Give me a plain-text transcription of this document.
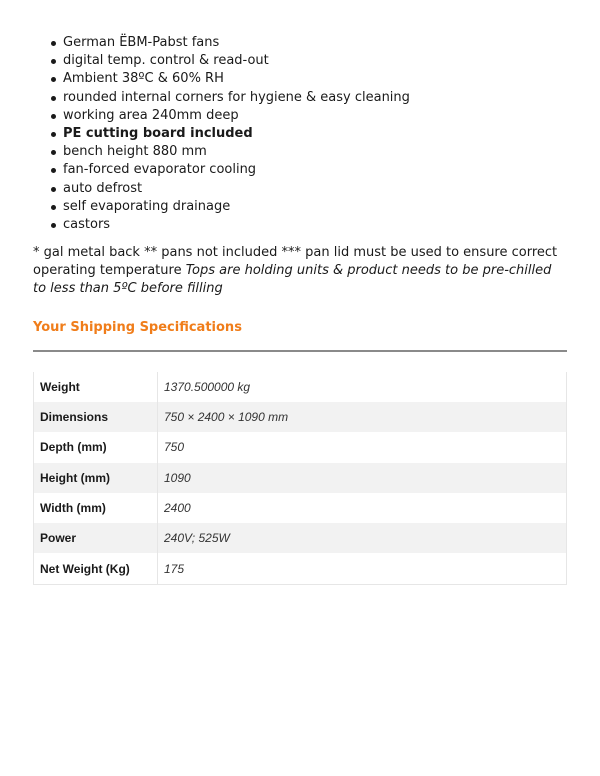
German ËBM-Pabst fans
digital temp. control & read-out
Ambient 38ºC & 60% RH
rounded internal corners for hygiene & easy cleaning
working area 240mm deep
PE cutting board included
bench height 880 mm
fan-forced evaporator cooling
auto defrost
self evaporating drainage
castors
* gal metal back ** pans not included *** pan lid must be used to ensure correct operating temperature Tops are holding units & product needs to be pre-chilled to less than 5ºC before filling
Your Shipping Specifications
Weight	1370.500000 kg
Dimensions	750 × 2400 × 1090 mm
Depth (mm)	750
Height (mm)	1090
Width (mm)	2400
Power	240V; 525W
Net Weight (Kg)	175
